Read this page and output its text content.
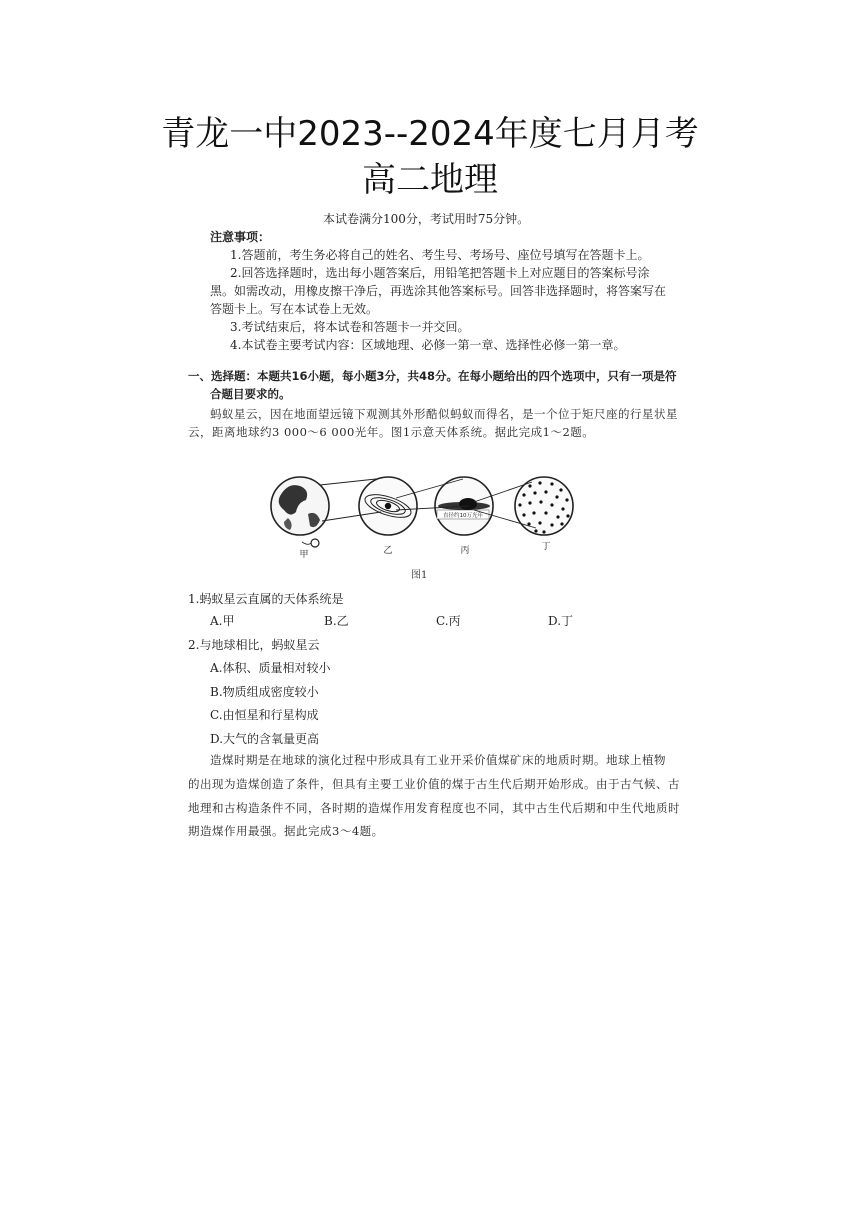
青龙一中2023--2024年度七月月考
高二地理
本试卷满分100分，考试用时75分钟。
注意事项：
1.答题前，考生务必将自己的姓名、考生号、考场号、座位号填写在答题卡上。
2.回答选择题时，选出每小题答案后，用铅笔把答题卡上对应题目的答案标号涂
黑。如需改动，用橡皮擦干净后，再选涂其他答案标号。回答非选择题时，将答案写在
答题卡上。写在本试卷上无效。
3.考试结束后，将本试卷和答题卡一并交回。
4.本试卷主要考试内容：区域地理、必修一第一章、选择性必修一第一章。
一、选择题：本题共16小题，每小题3分，共48分。在每小题给出的四个选项中，只有一项是符
合题目要求的。
蚂蚁星云，因在地面望远镜下观测其外形酷似蚂蚁而得名，是一个位于矩尺座的行星状星
云，距离地球约3 000～6 000光年。图1示意天体系统。据此完成1～2题。
直径约10万光年
甲	乙	丙	丁
图1
1.蚂蚁星云直属的天体系统是
A.甲	B.乙	C.丙	D.丁
2.与地球相比，蚂蚁星云
A.体积、质量相对较小
B.物质组成密度较小
C.由恒星和行星构成
D.大气的含氧量更高
造煤时期是在地球的演化过程中形成具有工业开采价值煤矿床的地质时期。地球上植物
的出现为造煤创造了条件，但具有主要工业价值的煤于古生代后期开始形成。由于古气候、古
地理和古构造条件不同，各时期的造煤作用发育程度也不同，其中古生代后期和中生代地质时
期造煤作用最强。据此完成3～4题。
